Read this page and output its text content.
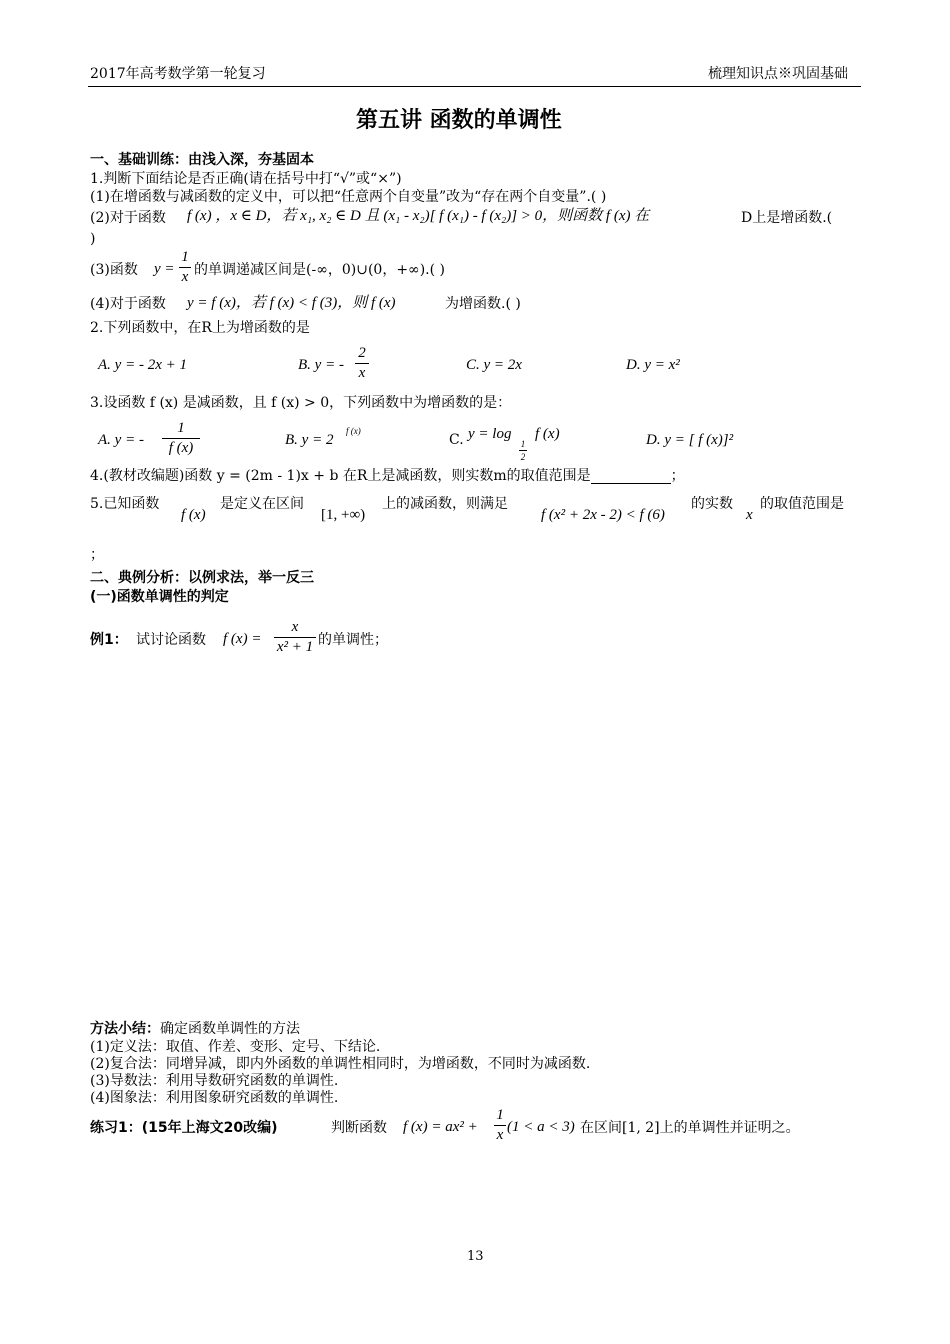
2017年高考数学第一轮复习	梳理知识点※巩固基础
第五讲 函数的单调性
一、基础训练：由浅入深，夯基固本
1.判断下面结论是否正确(请在括号中打“√”或“×”)
(1)在增函数与减函数的定义中，可以把“任意两个自变量”改为“存在两个自变量”.( )
(2)对于函数 f (x) ，x ∈ D，若 x₁, x₂ ∈ D 且 (x₁ - x₂)[ f (x₁) - f (x₂)] > 0，则函数 f (x) 在	D上是增函数.(
)
(3)函数 y =
1
x 的单调递减区间是(-∞，0)∪(0，+∞).( )
(4)对于函数 y = f (x)，若 f (x) < f (3)，则 f (x)	为增函数.( )
2.下列函数中，在R上为增函数的是
A. y = - 2x + 1	B. y = -
2
x	C. y = 2x	D. y = x²
3.设函数 f (x) 是减函数，且 f (x) > 0，下列函数中为增函数的是：
A. y = -
1
f (x)	B. y = 2
f (x)
C. y = log
1
2
f (x)	D. y = [ f (x)]²
4.(教材改编题)函数 y = (2m - 1)x + b 在R上是减函数，则实数m的取值范围是	；
5.已知函数
f (x)
是定义在区间
[1, +∞)
上的减函数，则满足
f (x² + 2x - 2) < f (6)
的实数
x
的取值范围是
；
二、典例分析：以例求法，举一反三
(一)函数单调性的判定
例1： 试讨论函数 f (x) =
x
x² + 1 的单调性；
方法小结：确定函数单调性的方法
(1)定义法：取值、作差、变形、定号、下结论.
(2)复合法：同增异减，即内外函数的单调性相同时，为增函数，不同时为减函数.
(3)导数法：利用导数研究函数的单调性.
(4)图象法：利用图象研究函数的单调性.
练习1：(15年上海文20改编)	判断函数 f (x) = ax² +
1
x (1 < a < 3) 在区间[1, 2]上的单调性并证明之。
13
